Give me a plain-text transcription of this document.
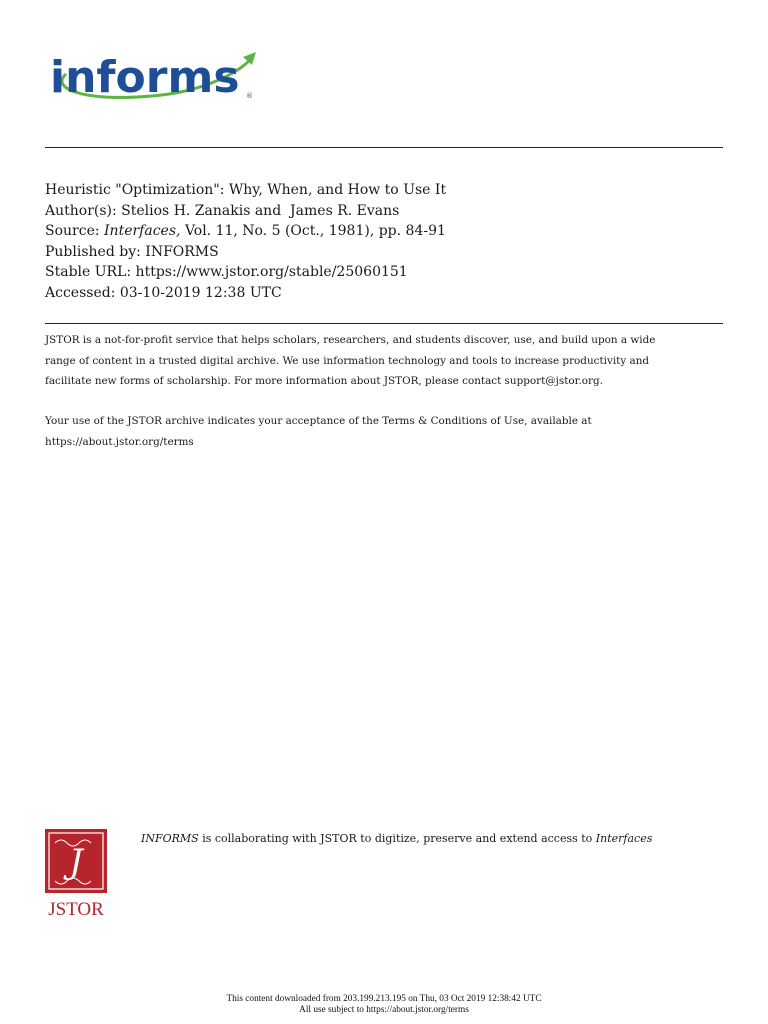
informs ®
Heuristic "Optimization": Why, When, and How to Use It
Author(s): Stelios H. Zanakis and  James R. Evans
Source: Interfaces, Vol. 11, No. 5 (Oct., 1981), pp. 84-91
Published by: INFORMS
Stable URL: https://www.jstor.org/stable/25060151
Accessed: 03-10-2019 12:38 UTC
JSTOR is a not-for-profit service that helps scholars, researchers, and students discover, use, and build upon a wide
range of content in a trusted digital archive. We use information technology and tools to increase productivity and
facilitate new forms of scholarship. For more information about JSTOR, please contact support@jstor.org.
Your use of the JSTOR archive indicates your acceptance of the Terms & Conditions of Use, available at
https://about.jstor.org/terms
J
JSTOR
INFORMS is collaborating with JSTOR to digitize, preserve and extend access to Interfaces
This content downloaded from 203.199.213.195 on Thu, 03 Oct 2019 12:38:42 UTC
All use subject to https://about.jstor.org/terms
